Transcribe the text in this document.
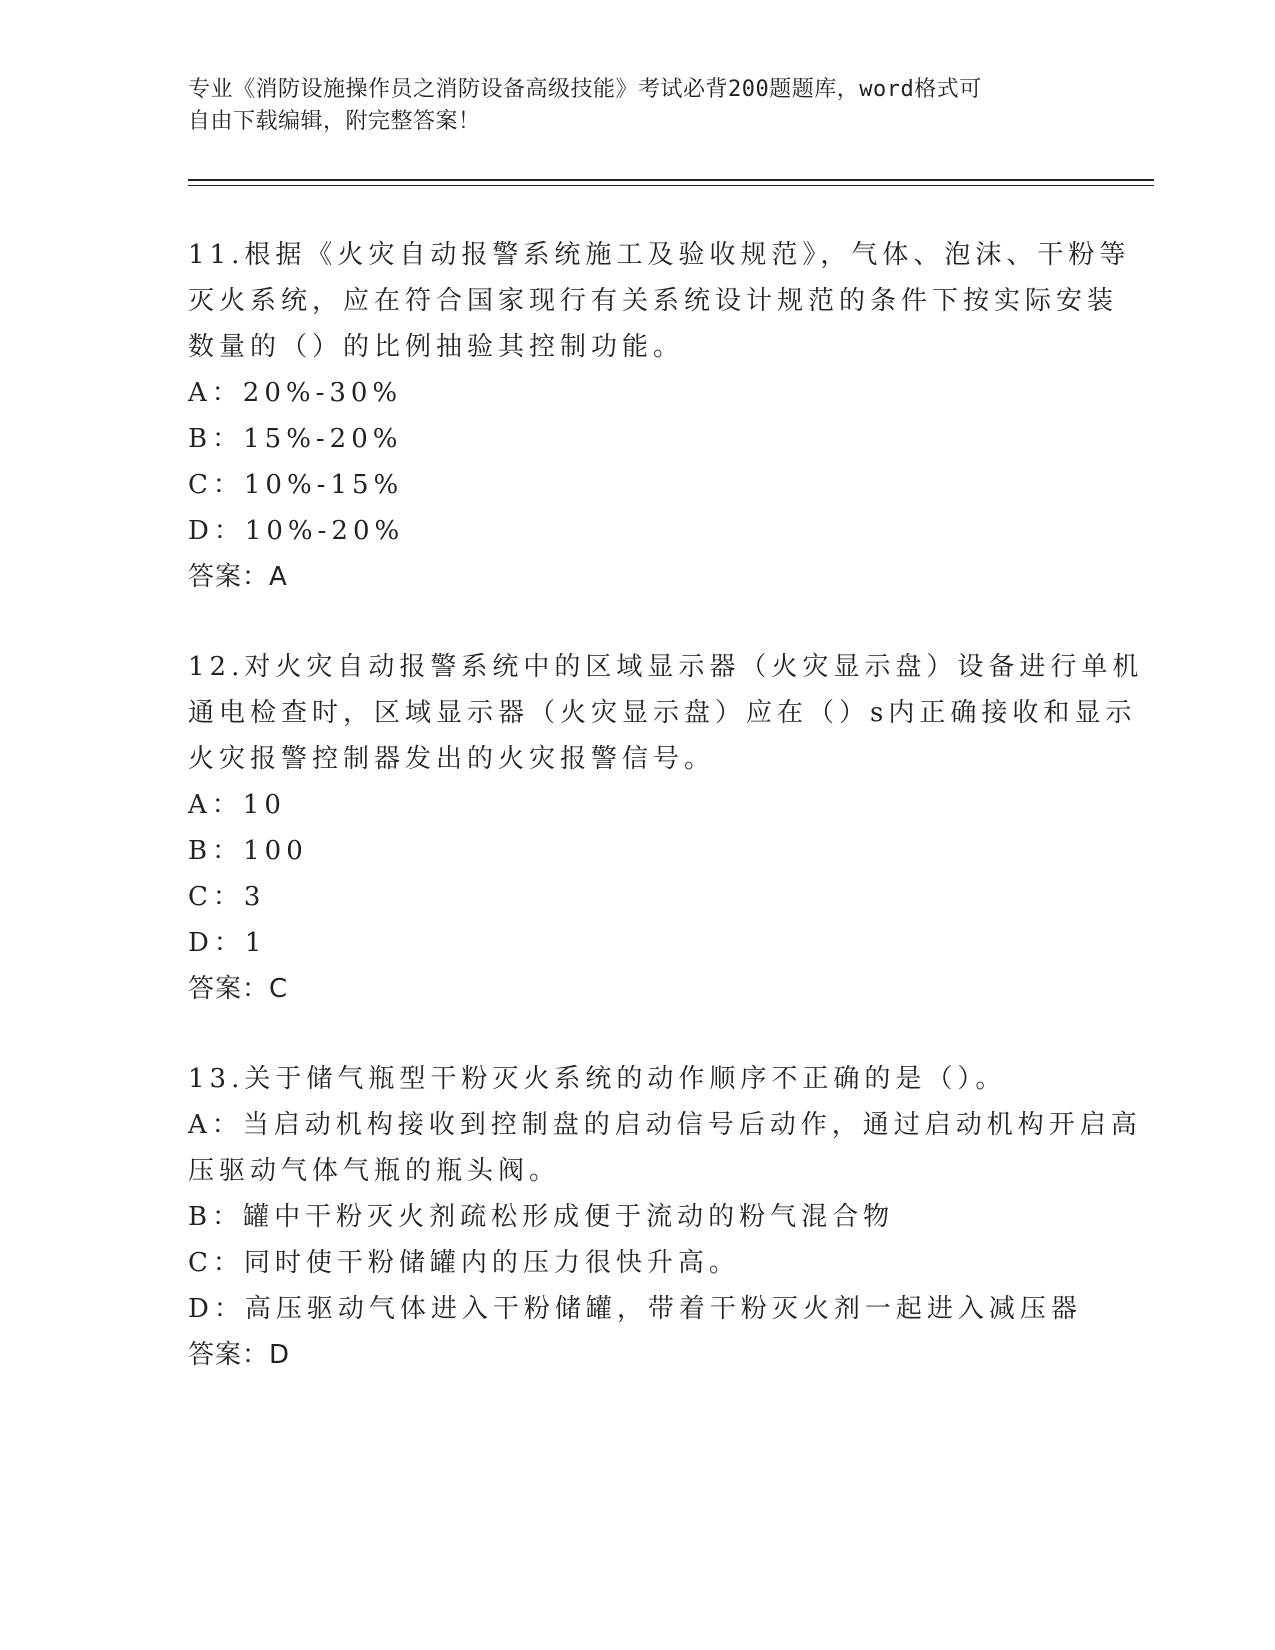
专业《消防设施操作员之消防设备高级技能》考试必背200题题库，word格式可
自由下载编辑，附完整答案！
11.根据《火灾自动报警系统施工及验收规范》，气体、泡沫、干粉等
灭火系统，应在符合国家现行有关系统设计规范的条件下按实际安装
数量的（）的比例抽验其控制功能。
A：20%-30%
B：15%-20%
C：10%-15%
D：10%-20%
答案：A
12.对火灾自动报警系统中的区域显示器（火灾显示盘）设备进行单机
通电检查时，区域显示器（火灾显示盘）应在（）s内正确接收和显示
火灾报警控制器发出的火灾报警信号。
A：10
B：100
C：3
D：1
答案：C
13.关于储气瓶型干粉灭火系统的动作顺序不正确的是（）。
A：当启动机构接收到控制盘的启动信号后动作，通过启动机构开启高
压驱动气体气瓶的瓶头阀。
B：罐中干粉灭火剂疏松形成便于流动的粉气混合物
C：同时使干粉储罐内的压力很快升高。
D：高压驱动气体进入干粉储罐，带着干粉灭火剂一起进入减压器
答案：D
